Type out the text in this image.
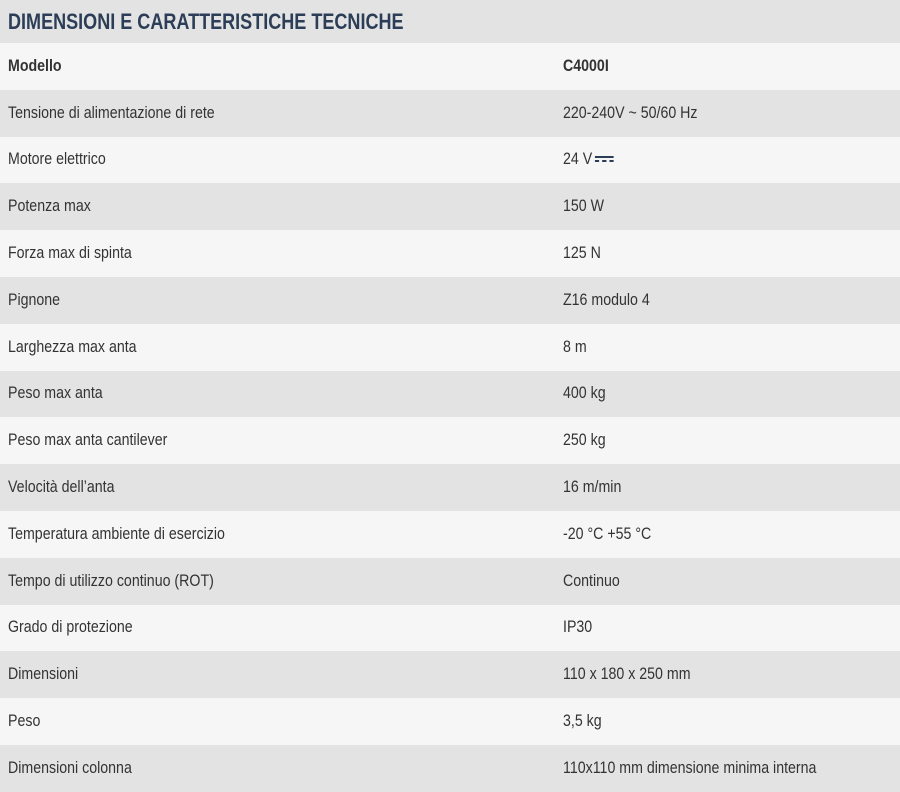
DIMENSIONI E CARATTERISTICHE TECNICHE
Modello	C4000I
Tensione di alimentazione di rete	220-240V ~ 50/60 Hz
Motore elettrico	24 V
Potenza max	150 W
Forza max di spinta	125 N
Pignone	Z16 modulo 4
Larghezza max anta	8 m
Peso max anta	400 kg
Peso max anta cantilever	250 kg
Velocità dell’anta	16 m/min
Temperatura ambiente di esercizio	-20 °C +55 °C
Tempo di utilizzo continuo (ROT)	Continuo
Grado di protezione	IP30
Dimensioni	110 x 180 x 250 mm
Peso	3,5 kg
Dimensioni colonna	110x110 mm dimensione minima interna
